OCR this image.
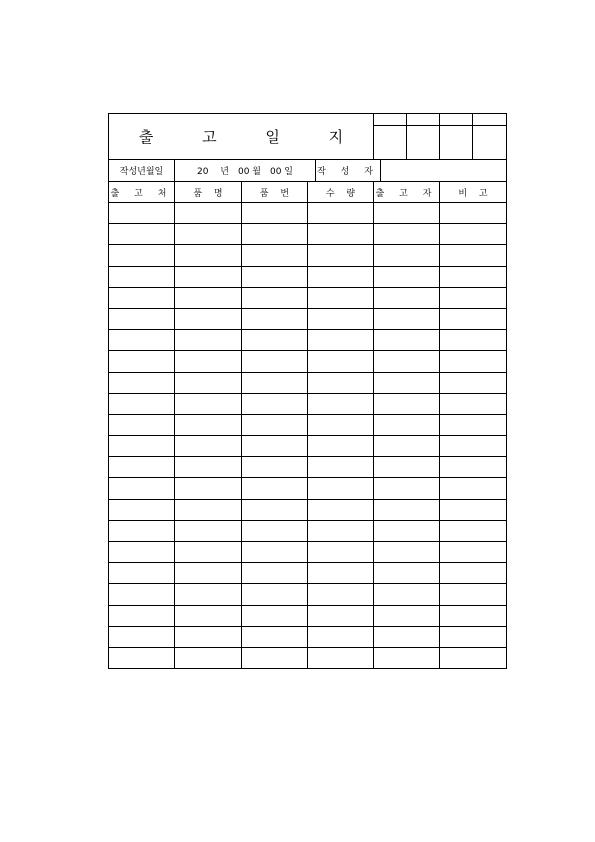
출 고 일 지				

작성년월일	20　 년　00 월　00 일	작 성 자	
출 고 처	품　 명	품　 번	수　 량	출 고 자	비　 고
